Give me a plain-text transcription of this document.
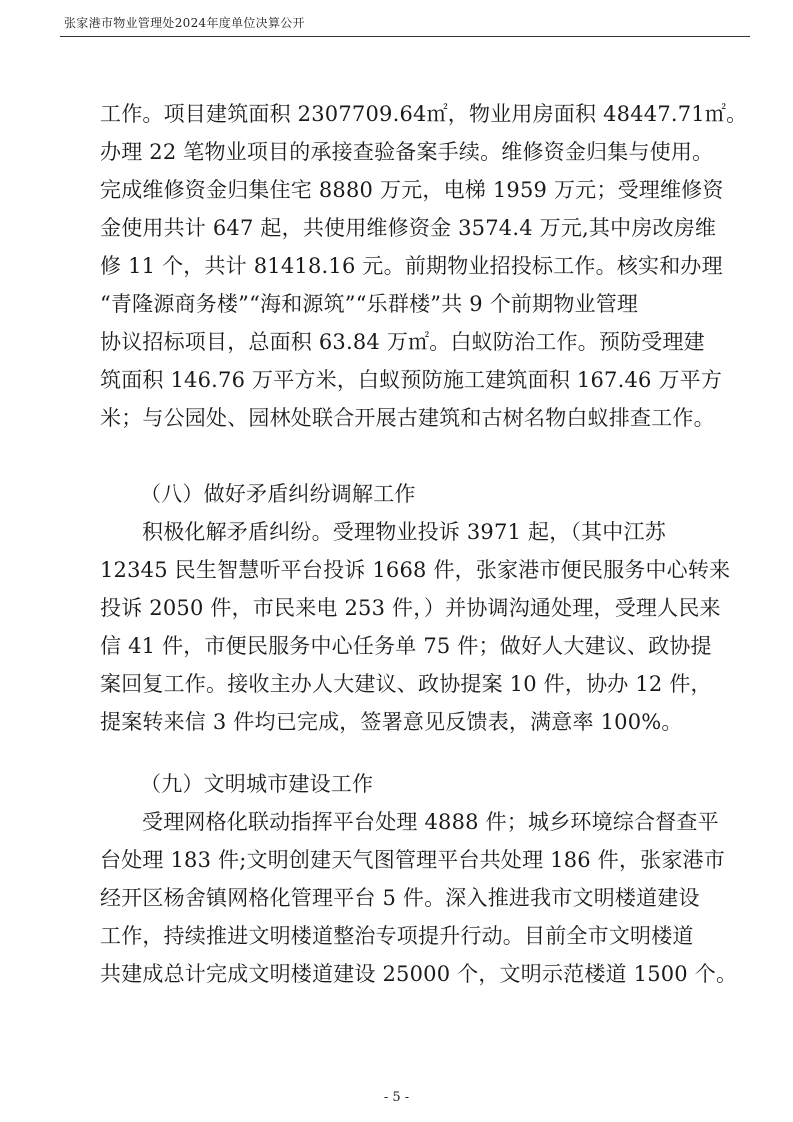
张家港市物业管理处2024年度单位决算公开
工作。项目建筑面积 2307709.64㎡，物业用房面积 48447.71㎡。
办理 22 笔物业项目的承接查验备案手续。维修资金归集与使用。
完成维修资金归集住宅 8880 万元，电梯 1959 万元；受理维修资
金使用共计 647 起，共使用维修资金 3574.4 万元,其中房改房维
修 11 个，共计 81418.16 元。前期物业招投标工作。核实和办理
“青隆源商务楼”“海和源筑”“乐群楼”共 9 个前期物业管理
协议招标项目，总面积 63.84 万㎡。白蚁防治工作。预防受理建
筑面积 146.76 万平方米，白蚁预防施工建筑面积 167.46 万平方
米；与公园处、园林处联合开展古建筑和古树名物白蚁排查工作。
（八）做好矛盾纠纷调解工作
积极化解矛盾纠纷。受理物业投诉 3971 起，（其中江苏
12345 民生智慧听平台投诉 1668 件，张家港市便民服务中心转来
投诉 2050 件，市民来电 253 件，）并协调沟通处理，受理人民来
信 41 件，市便民服务中心任务单 75 件；做好人大建议、政协提
案回复工作。接收主办人大建议、政协提案 10 件，协办 12 件，
提案转来信 3 件均已完成，签署意见反馈表，满意率 100%。
（九）文明城市建设工作
受理网格化联动指挥平台处理 4888 件；城乡环境综合督查平
台处理 183 件;文明创建天气图管理平台共处理 186 件，张家港市
经开区杨舍镇网格化管理平台 5 件。深入推进我市文明楼道建设
工作，持续推进文明楼道整治专项提升行动。目前全市文明楼道
共建成总计完成文明楼道建设 25000 个，文明示范楼道 1500 个。
- 5 -
